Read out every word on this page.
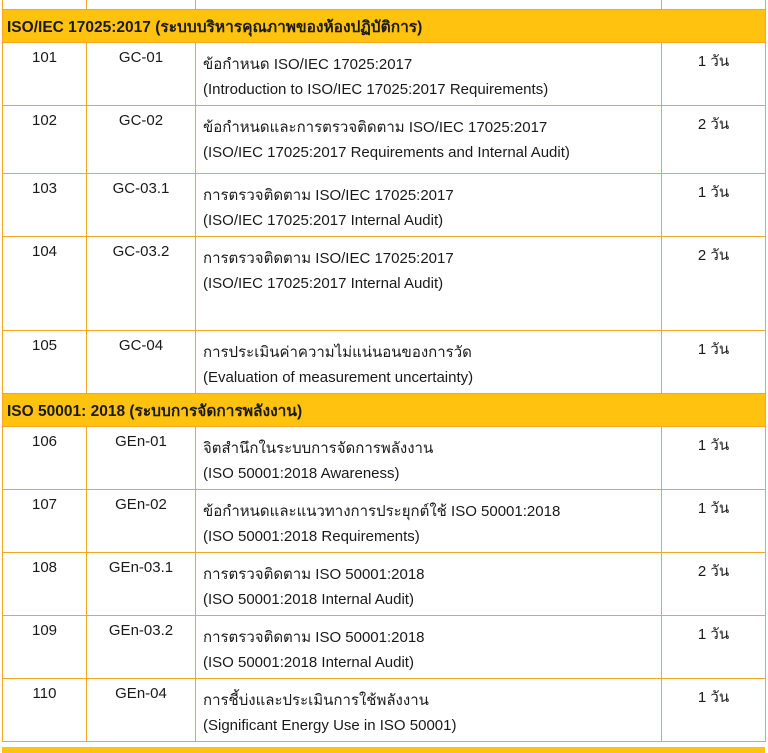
ISO/IEC 17025:2017 (ระบบบริหารคุณภาพของห้องปฏิบัติการ)			
101	GC-01	ข้อกำหนด ISO/IEC 17025:2017
(Introduction to ISO/IEC 17025:2017 Requirements)	1 วัน
102	GC-02	ข้อกำหนดและการตรวจติดตาม ISO/IEC 17025:2017
(ISO/IEC 17025:2017 Requirements and Internal Audit)	2 วัน
103	GC-03.1	การตรวจติดตาม ISO/IEC 17025:2017
(ISO/IEC 17025:2017 Internal Audit)	1 วัน
104	GC-03.2	การตรวจติดตาม ISO/IEC 17025:2017
(ISO/IEC 17025:2017 Internal Audit)	2 วัน
105	GC-04	การประเมินค่าความไม่แน่นอนของการวัด
(Evaluation of measurement uncertainty)	1 วัน
ISO 50001: 2018 (ระบบการจัดการพลังงาน)			
106	GEn-01	จิตสำนึกในระบบการจัดการพลังงาน
(ISO 50001:2018 Awareness)	1 วัน
107	GEn-02	ข้อกำหนดและแนวทางการประยุกต์ใช้ ISO 50001:2018
(ISO 50001:2018 Requirements)	1 วัน
108	GEn-03.1	การตรวจติดตาม ISO 50001:2018
(ISO 50001:2018 Internal Audit)	2 วัน
109	GEn-03.2	การตรวจติดตาม ISO 50001:2018
(ISO 50001:2018 Internal Audit)	1 วัน
110	GEn-04	การชี้บ่งและประเมินการใช้พลังงาน
(Significant Energy Use in ISO 50001)	1 วัน
